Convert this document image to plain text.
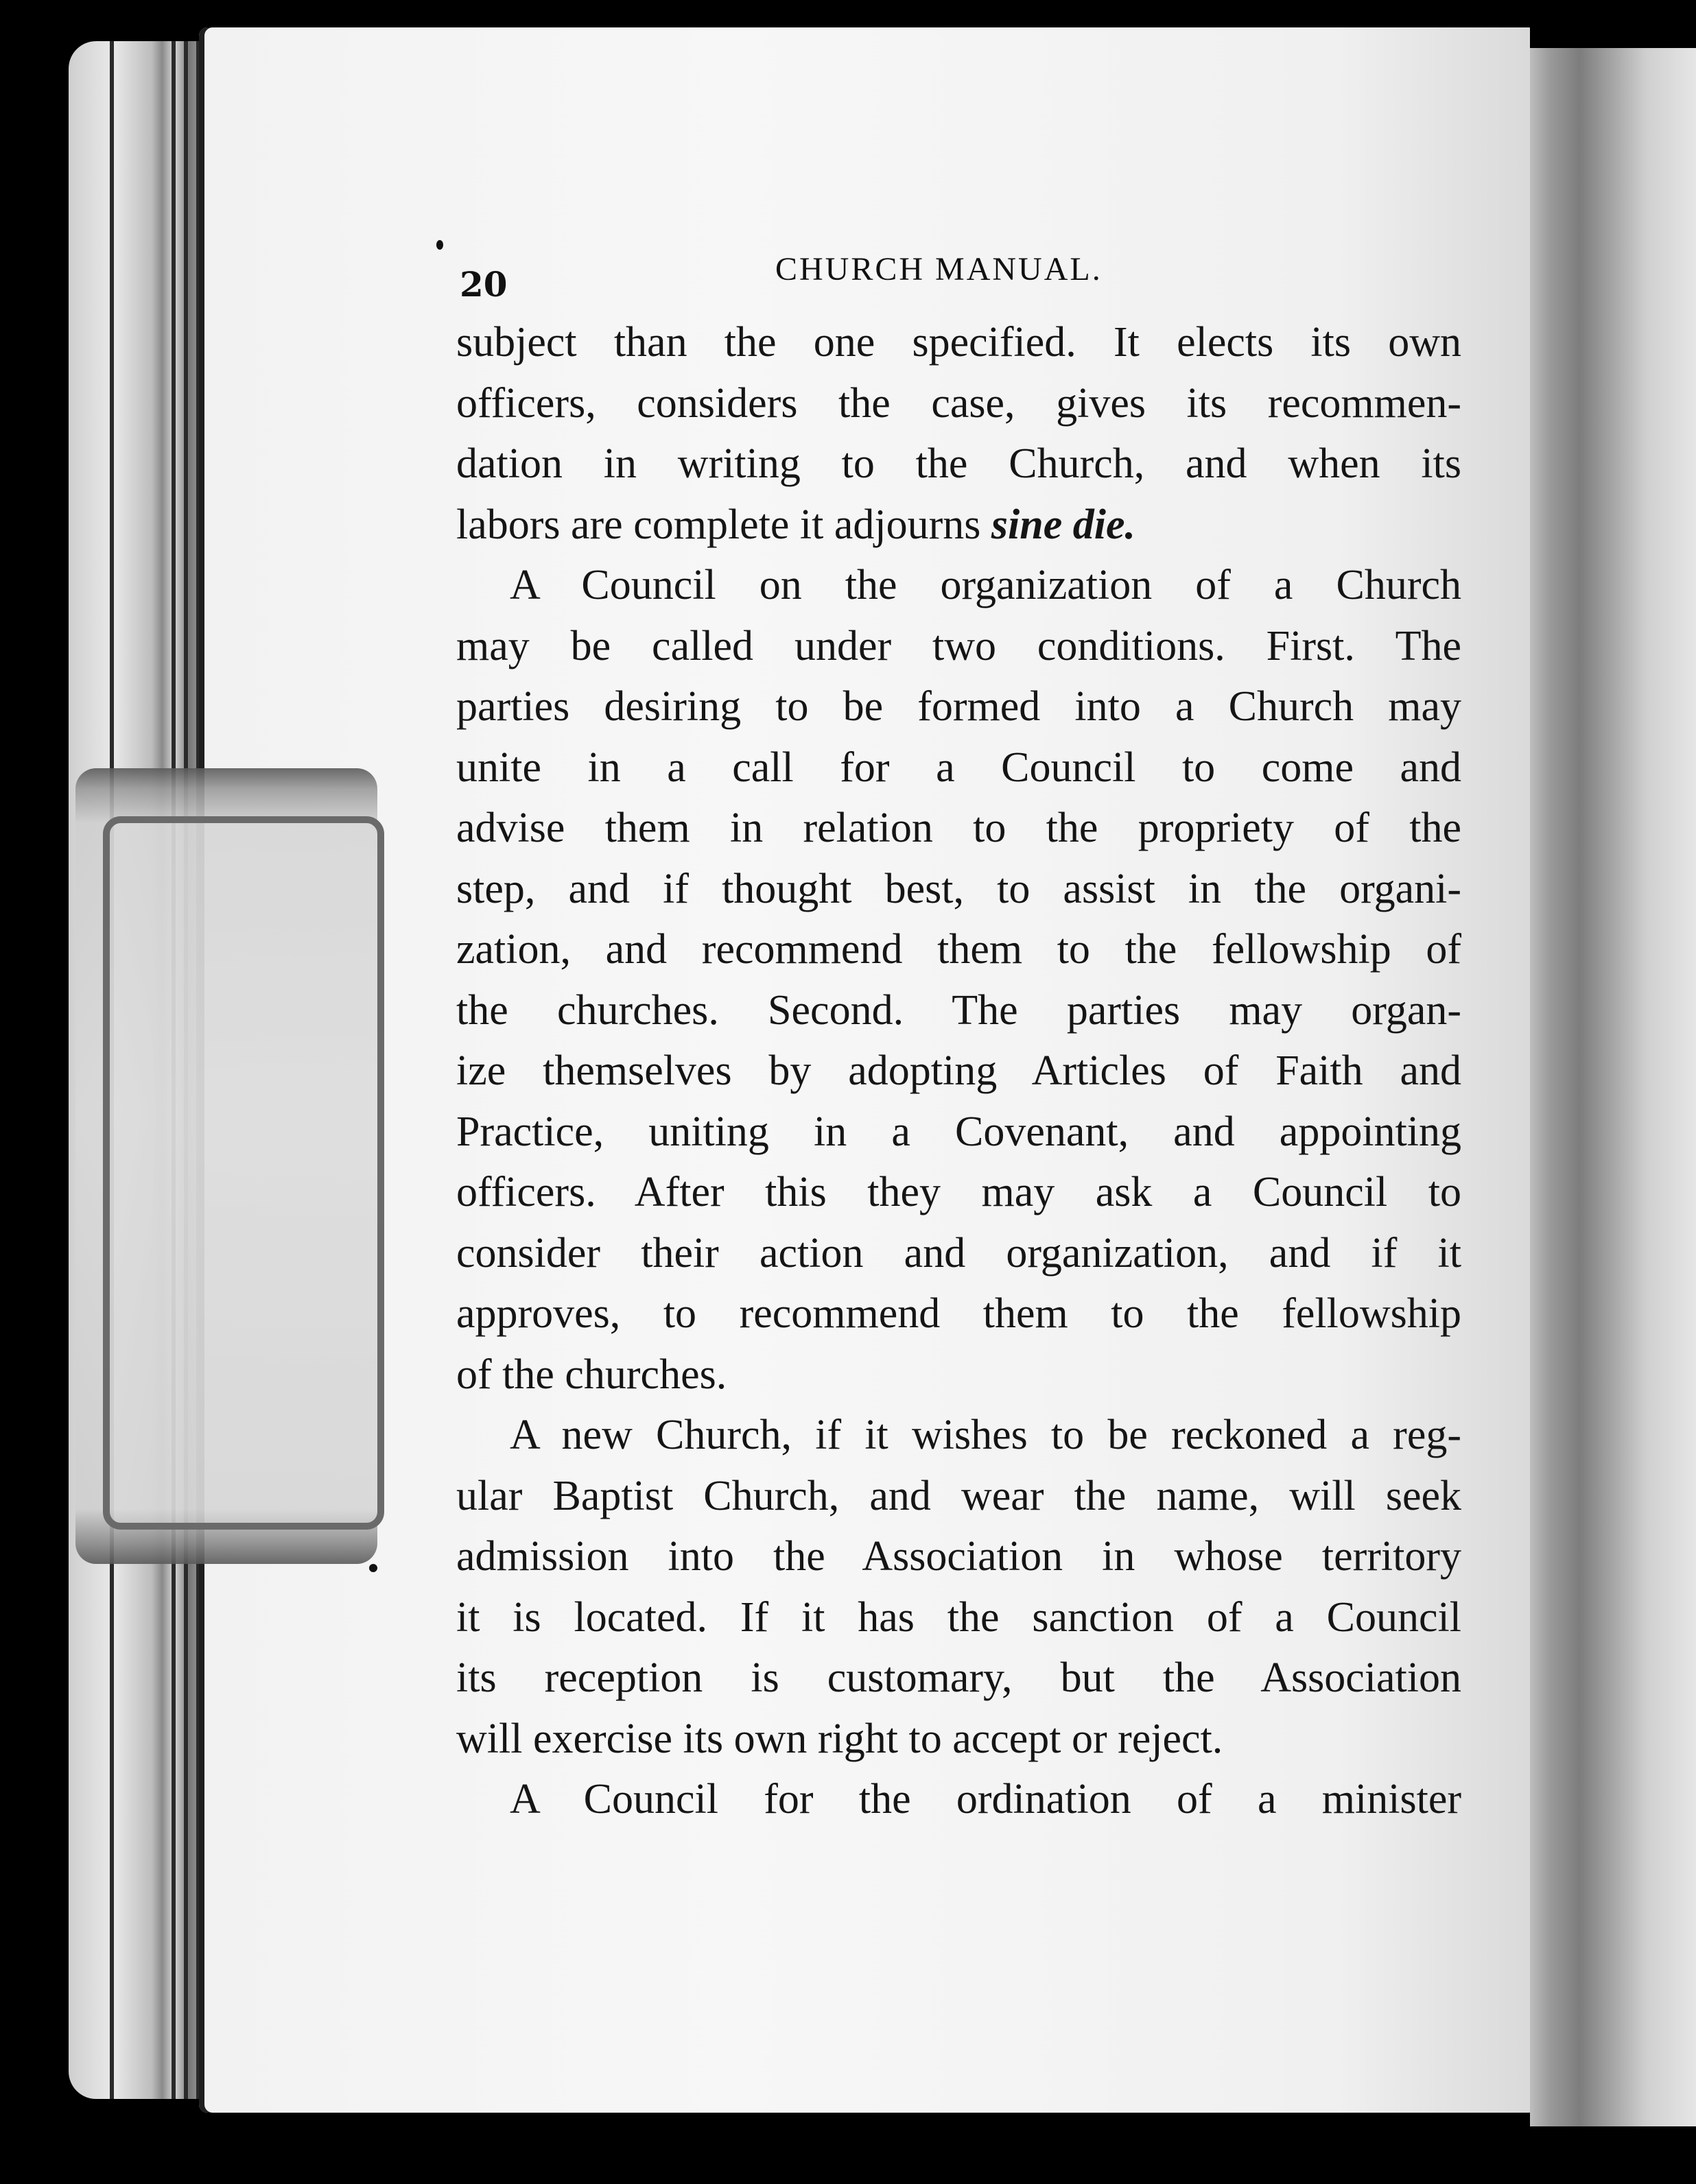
20	CHURCH MANUAL.
subject than the one specified. It elects its own
officers, considers the case, gives its recommen-
dation in writing to the Church, and when its
labors are complete it adjourns sine die.
A Council on the organization of a Church
may be called under two conditions. First. The
parties desiring to be formed into a Church may
unite in a call for a Council to come and
advise them in relation to the propriety of the
step, and if thought best, to assist in the organi-
zation, and recommend them to the fellowship of
the churches. Second. The parties may organ-
ize themselves by adopting Articles of Faith and
Practice, uniting in a Covenant, and appointing
officers. After this they may ask a Council to
consider their action and organization, and if it
approves, to recommend them to the fellowship
of the churches.
A new Church, if it wishes to be reckoned a reg-
ular Baptist Church, and wear the name, will seek
admission into the Association in whose territory
it is located. If it has the sanction of a Council
its reception is customary, but the Association
will exercise its own right to accept or reject.
A Council for the ordination of a minister
